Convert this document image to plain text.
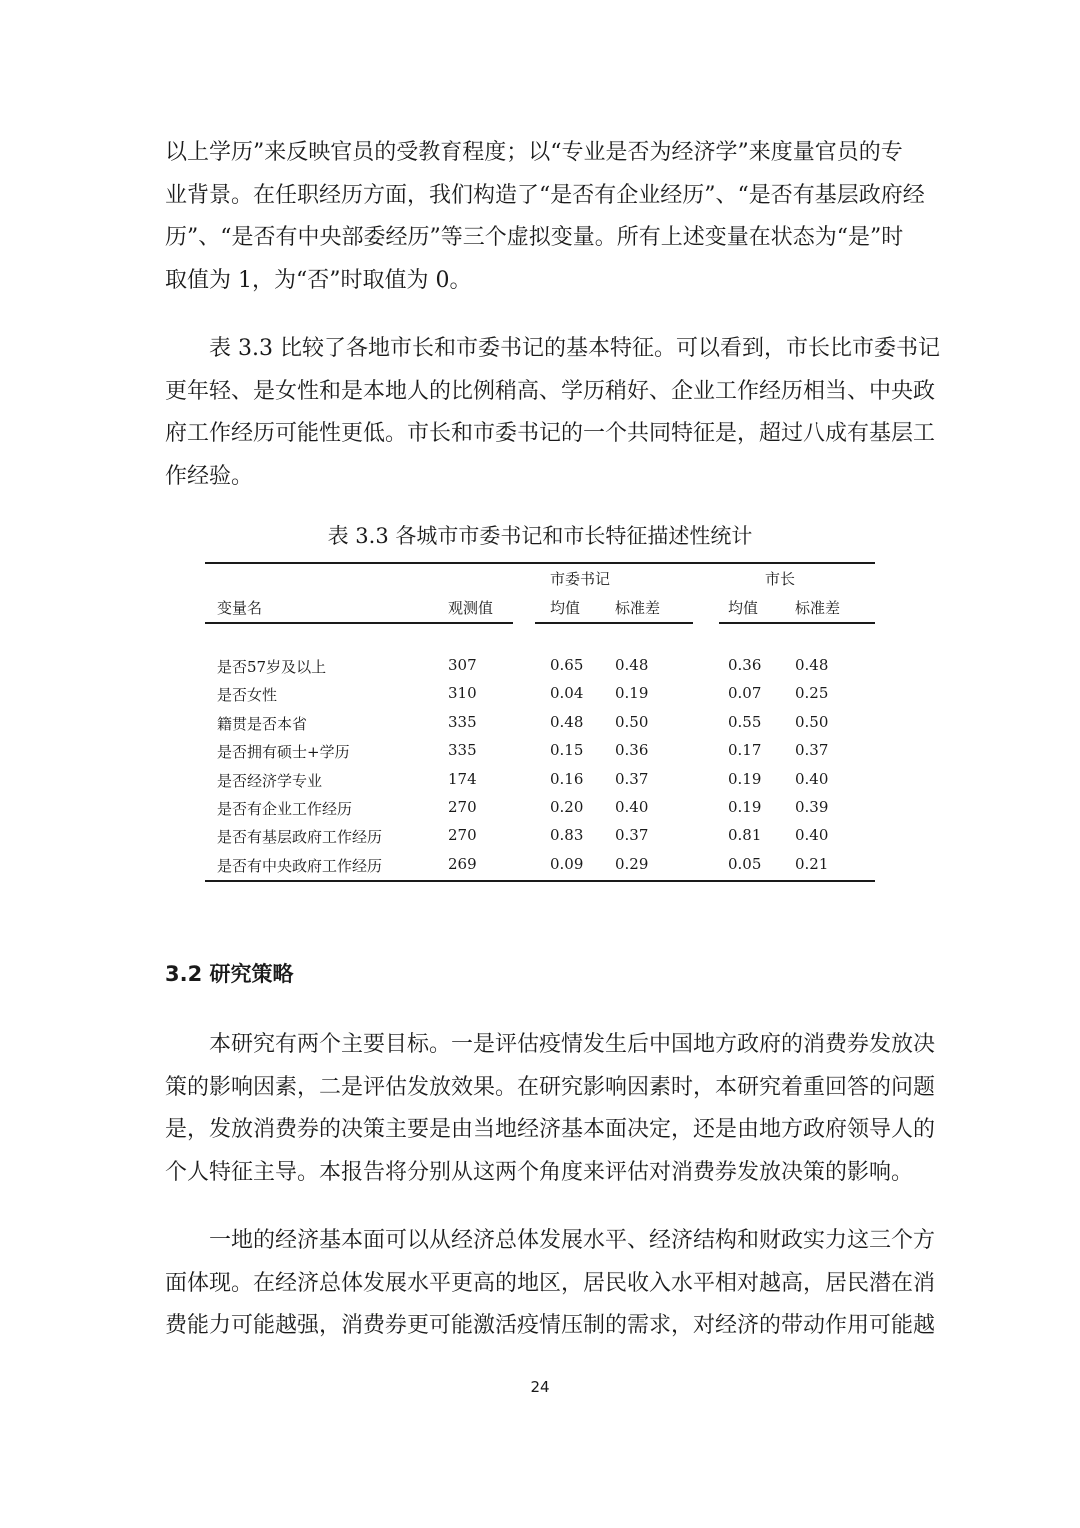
以上学历”来反映官员的受教育程度；以“专业是否为经济学”来度量官员的专
业背景。在任职经历方面，我们构造了“是否有企业经历”、“是否有基层政府经
历”、“是否有中央部委经历”等三个虚拟变量。所有上述变量在状态为“是”时
取值为 1，为“否”时取值为 0。
表 3.3 比较了各地市长和市委书记的基本特征。可以看到，市长比市委书记
更年轻、是女性和是本地人的比例稍高、学历稍好、企业工作经历相当、中央政
府工作经历可能性更低。市长和市委书记的一个共同特征是，超过八成有基层工
作经验。
表 3.3 各城市市委书记和市长特征描述性统计
市委书记	市长
变量名	观测值	均值 标准差	均值 标准差
是否57岁及以上	307	0.65 0.48	0.36 0.48
是否女性	310	0.04 0.19	0.07 0.25
籍贯是否本省	335	0.48 0.50	0.55 0.50
是否拥有硕士+学历	335	0.15 0.36	0.17 0.37
是否经济学专业	174	0.16 0.37	0.19 0.40
是否有企业工作经历	270	0.20 0.40	0.19 0.39
是否有基层政府工作经历	270	0.83 0.37	0.81 0.40
是否有中央政府工作经历	269	0.09 0.29	0.05 0.21
3.2 研究策略
本研究有两个主要目标。一是评估疫情发生后中国地方政府的消费券发放决
策的影响因素，二是评估发放效果。在研究影响因素时，本研究着重回答的问题
是，发放消费券的决策主要是由当地经济基本面决定，还是由地方政府领导人的
个人特征主导。本报告将分别从这两个角度来评估对消费券发放决策的影响。
一地的经济基本面可以从经济总体发展水平、经济结构和财政实力这三个方
面体现。在经济总体发展水平更高的地区，居民收入水平相对越高，居民潜在消
费能力可能越强，消费券更可能激活疫情压制的需求，对经济的带动作用可能越
24
